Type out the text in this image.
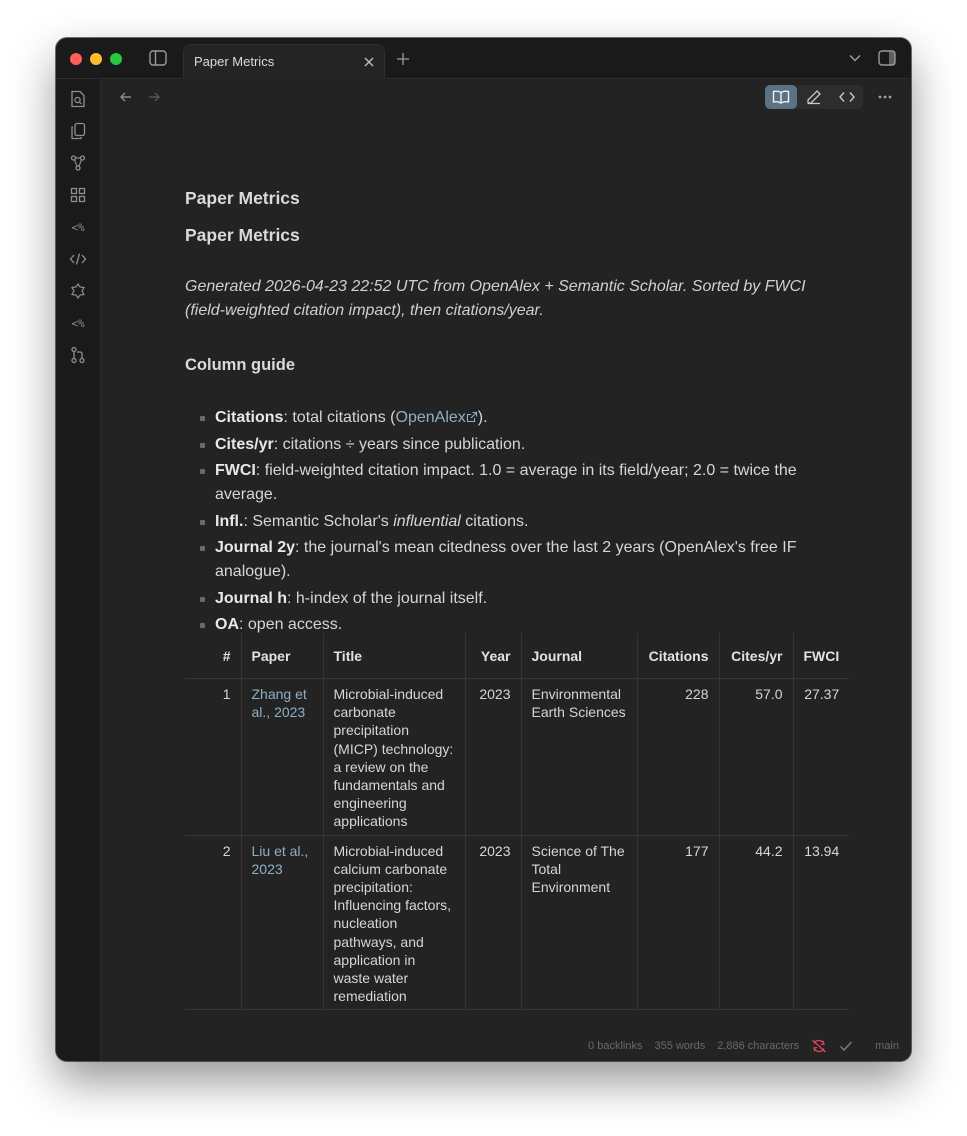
Paper Metrics
<%
<%
Paper Metrics
Paper Metrics
Generated 2026-04-23 22:52 UTC from OpenAlex + Semantic Scholar. Sorted by FWCI (field-weighted citation impact), then citations/year.
Column guide
Citations: total citations (OpenAlex ).
Cites/yr: citations ÷ years since publication.
FWCI: field-weighted citation impact. 1.0 = average in its field/year; 2.0 = twice the average.
Infl.: Semantic Scholar's influential citations.
Journal 2y: the journal's mean citedness over the last 2 years (OpenAlex's free IF analogue).
Journal h: h-index of the journal itself.
OA: open access.
#	Paper	Title	Year	Journal	Citations	Cites/yr	FWCI
1	Zhang et al., 2023	Microbial-induced carbonate precipitation (MICP) technology: a review on the fundamentals and engineering applications	2023	Environmental Earth Sciences	228	57.0	27.37
2	Liu et al., 2023	Microbial-induced calcium carbonate precipitation: Influencing factors, nucleation pathways, and application in waste water remediation	2023	Science of The Total Environment	177	44.2	13.94
0 backlinks 355 words 2,886 characters	main
